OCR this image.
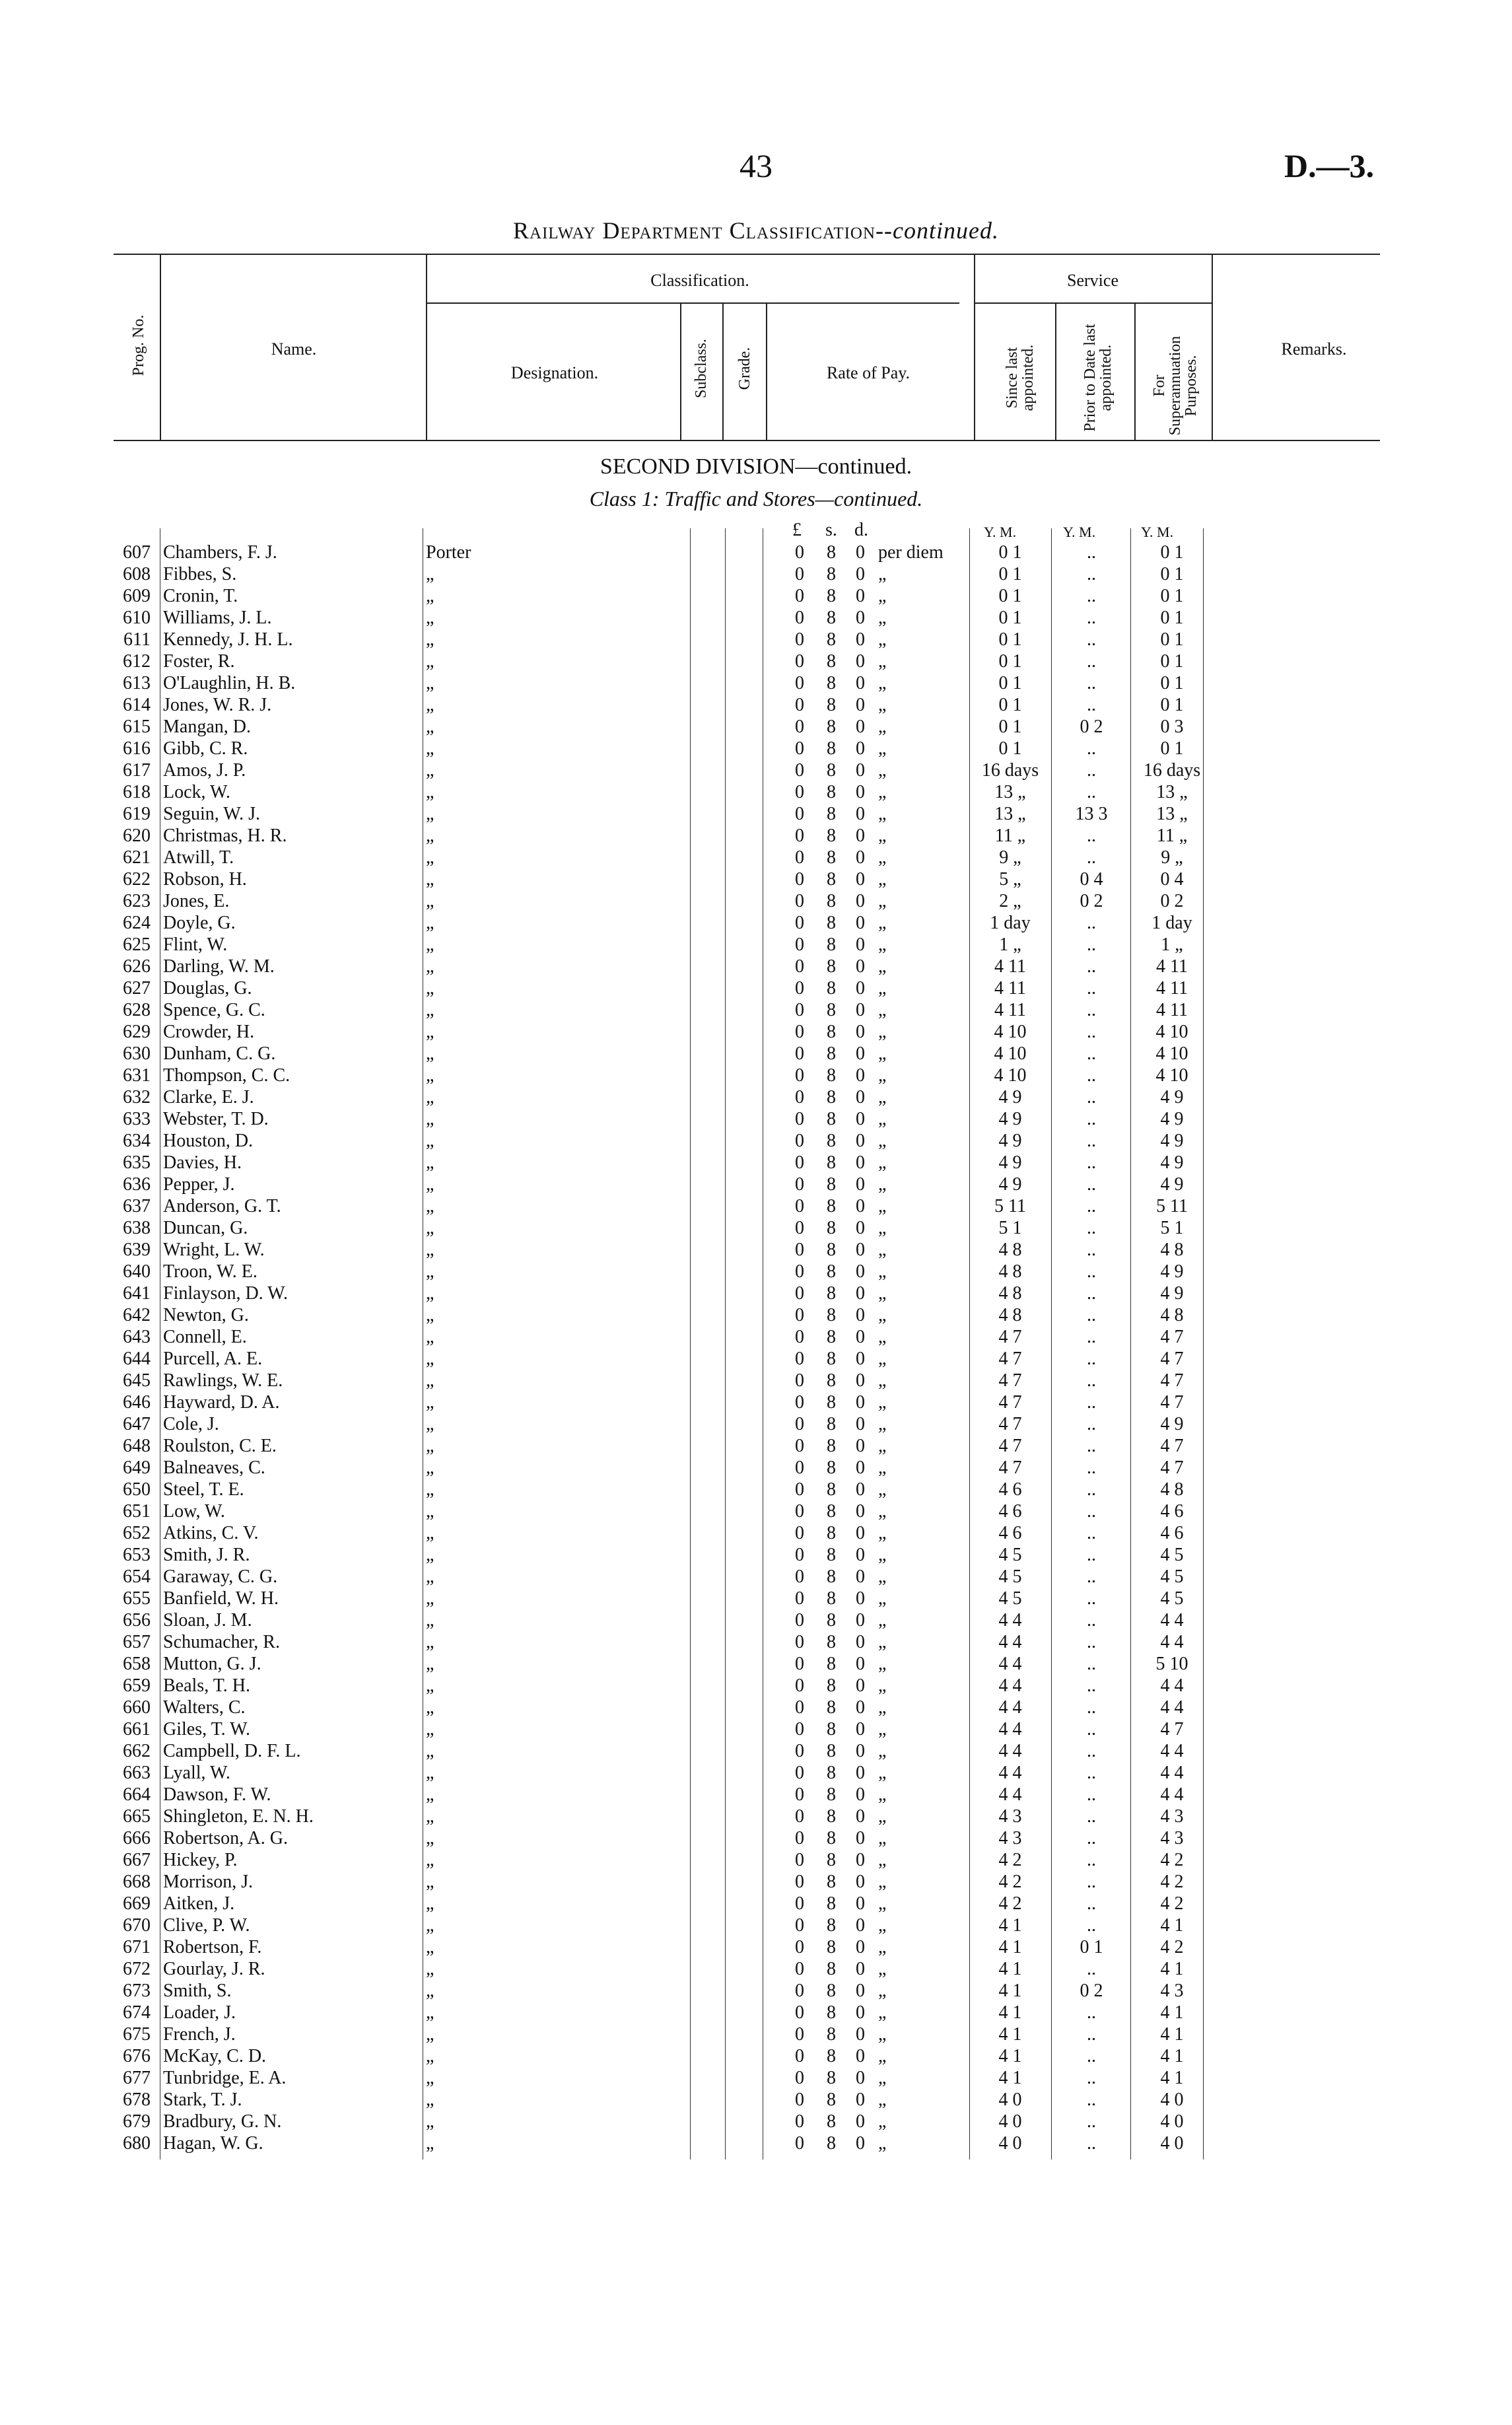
43	D.—3.
Railway Department Classification--continued.
Prog. No.	Name.
Classification.
Designation.	Subclass. Grade.	Rate of Pay.
Service
Since last appointed.	Prior to Date last appointed. For Superannuation Purposes.
Remarks.
SECOND DIVISION—continued.
Class 1: Traffic and Stores—continued.
£ s. d.	Y. M.	Y. M.	Y. M.
607 Chambers, F. J.	Porter	0 8 0 per diem	0 1	..	0 1
608 Fibbes, S.	„	0 8 0 „	0 1	..	0 1
609 Cronin, T.	„	0 8 0 „	0 1	..	0 1
610 Williams, J. L.	„	0 8 0 „	0 1	..	0 1
611 Kennedy, J. H. L.	„	0 8 0 „	0 1	..	0 1
612 Foster, R.	„	0 8 0 „	0 1	..	0 1
613 O'Laughlin, H. B.	„	0 8 0 „	0 1	..	0 1
614 Jones, W. R. J.	„	0 8 0 „	0 1	..	0 1
615 Mangan, D.	„	0 8 0 „	0 1	0 2	0 3
616 Gibb, C. R.	„	0 8 0 „	0 1	..	0 1
617 Amos, J. P.	„	0 8 0 „	16 days	..	16 days
618 Lock, W.	„	0 8 0 „	13 „	..	13 „
619 Seguin, W. J.	„	0 8 0 „	13 „	13 3	13 „
620 Christmas, H. R.	„	0 8 0 „	11 „	..	11 „
621 Atwill, T.	„	0 8 0 „	9 „	..	9 „
622 Robson, H.	„	0 8 0 „	5 „	0 4	0 4
623 Jones, E.	„	0 8 0 „	2 „	0 2	0 2
624 Doyle, G.	„	0 8 0 „	1 day	..	1 day
625 Flint, W.	„	0 8 0 „	1 „	..	1 „
626 Darling, W. M.	„	0 8 0 „	4 11	..	4 11
627 Douglas, G.	„	0 8 0 „	4 11	..	4 11
628 Spence, G. C.	„	0 8 0 „	4 11	..	4 11
629 Crowder, H.	„	0 8 0 „	4 10	..	4 10
630 Dunham, C. G.	„	0 8 0 „	4 10	..	4 10
631 Thompson, C. C.	„	0 8 0 „	4 10	..	4 10
632 Clarke, E. J.	„	0 8 0 „	4 9	..	4 9
633 Webster, T. D.	„	0 8 0 „	4 9	..	4 9
634 Houston, D.	„	0 8 0 „	4 9	..	4 9
635 Davies, H.	„	0 8 0 „	4 9	..	4 9
636 Pepper, J.	„	0 8 0 „	4 9	..	4 9
637 Anderson, G. T.	„	0 8 0 „	5 11	..	5 11
638 Duncan, G.	„	0 8 0 „	5 1	..	5 1
639 Wright, L. W.	„	0 8 0 „	4 8	..	4 8
640 Troon, W. E.	„	0 8 0 „	4 8	..	4 9
641 Finlayson, D. W.	„	0 8 0 „	4 8	..	4 9
642 Newton, G.	„	0 8 0 „	4 8	..	4 8
643 Connell, E.	„	0 8 0 „	4 7	..	4 7
644 Purcell, A. E.	„	0 8 0 „	4 7	..	4 7
645 Rawlings, W. E.	„	0 8 0 „	4 7	..	4 7
646 Hayward, D. A.	„	0 8 0 „	4 7	..	4 7
647 Cole, J.	„	0 8 0 „	4 7	..	4 9
648 Roulston, C. E.	„	0 8 0 „	4 7	..	4 7
649 Balneaves, C.	„	0 8 0 „	4 7	..	4 7
650 Steel, T. E.	„	0 8 0 „	4 6	..	4 8
651 Low, W.	„	0 8 0 „	4 6	..	4 6
652 Atkins, C. V.	„	0 8 0 „	4 6	..	4 6
653 Smith, J. R.	„	0 8 0 „	4 5	..	4 5
654 Garaway, C. G.	„	0 8 0 „	4 5	..	4 5
655 Banfield, W. H.	„	0 8 0 „	4 5	..	4 5
656 Sloan, J. M.	„	0 8 0 „	4 4	..	4 4
657 Schumacher, R.	„	0 8 0 „	4 4	..	4 4
658 Mutton, G. J.	„	0 8 0 „	4 4	..	5 10
659 Beals, T. H.	„	0 8 0 „	4 4	..	4 4
660 Walters, C.	„	0 8 0 „	4 4	..	4 4
661 Giles, T. W.	„	0 8 0 „	4 4	..	4 7
662 Campbell, D. F. L.	„	0 8 0 „	4 4	..	4 4
663 Lyall, W.	„	0 8 0 „	4 4	..	4 4
664 Dawson, F. W.	„	0 8 0 „	4 4	..	4 4
665 Shingleton, E. N. H.	„	0 8 0 „	4 3	..	4 3
666 Robertson, A. G.	„	0 8 0 „	4 3	..	4 3
667 Hickey, P.	„	0 8 0 „	4 2	..	4 2
668 Morrison, J.	„	0 8 0 „	4 2	..	4 2
669 Aitken, J.	„	0 8 0 „	4 2	..	4 2
670 Clive, P. W.	„	0 8 0 „	4 1	..	4 1
671 Robertson, F.	„	0 8 0 „	4 1	0 1	4 2
672 Gourlay, J. R.	„	0 8 0 „	4 1	..	4 1
673 Smith, S.	„	0 8 0 „	4 1	0 2	4 3
674 Loader, J.	„	0 8 0 „	4 1	..	4 1
675 French, J.	„	0 8 0 „	4 1	..	4 1
676 McKay, C. D.	„	0 8 0 „	4 1	..	4 1
677 Tunbridge, E. A.	„	0 8 0 „	4 1	..	4 1
678 Stark, T. J.	„	0 8 0 „	4 0	..	4 0
679 Bradbury, G. N.	„	0 8 0 „	4 0	..	4 0
680 Hagan, W. G.	„	0 8 0 „	4 0	..	4 0
